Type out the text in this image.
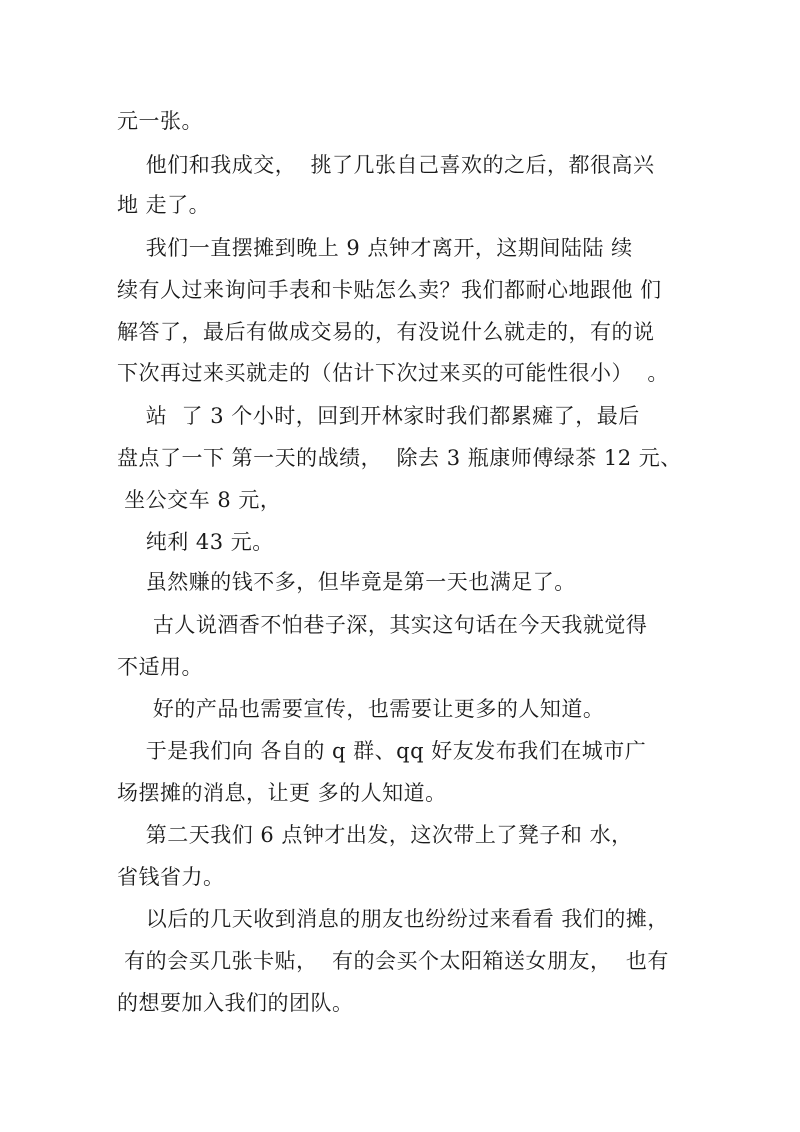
元一张。
他们和我成交，  挑了几张自己喜欢的之后，都很高兴
地 走了。
我们一直摆摊到晚上 9 点钟才离开，这期间陆陆 续
续有人过来询问手表和卡贴怎么卖？我们都耐心地跟他 们
解答了，最后有做成交易的，有没说什么就走的，有的说
下次再过来买就走的（估计下次过来买的可能性很小）  。
站  了 3 个小时，回到开林家时我们都累瘫了，最后
盘点了一下 第一天的战绩，  除去 3 瓶康师傅绿茶 12 元、
坐公交车 8 元，
纯利 43 元。
虽然赚的钱不多，但毕竟是第一天也满足了。
古人说酒香不怕巷子深，其实这句话在今天我就觉得
不适用。
好的产品也需要宣传，也需要让更多的人知道。
于是我们向 各自的 q 群、qq 好友发布我们在城市广
场摆摊的消息，让更 多的人知道。
第二天我们 6 点钟才出发，这次带上了凳子和 水，
省钱省力。
以后的几天收到消息的朋友也纷纷过来看看 我们的摊，
有的会买几张卡贴，  有的会买个太阳箱送女朋友，  也有
的想要加入我们的团队。
